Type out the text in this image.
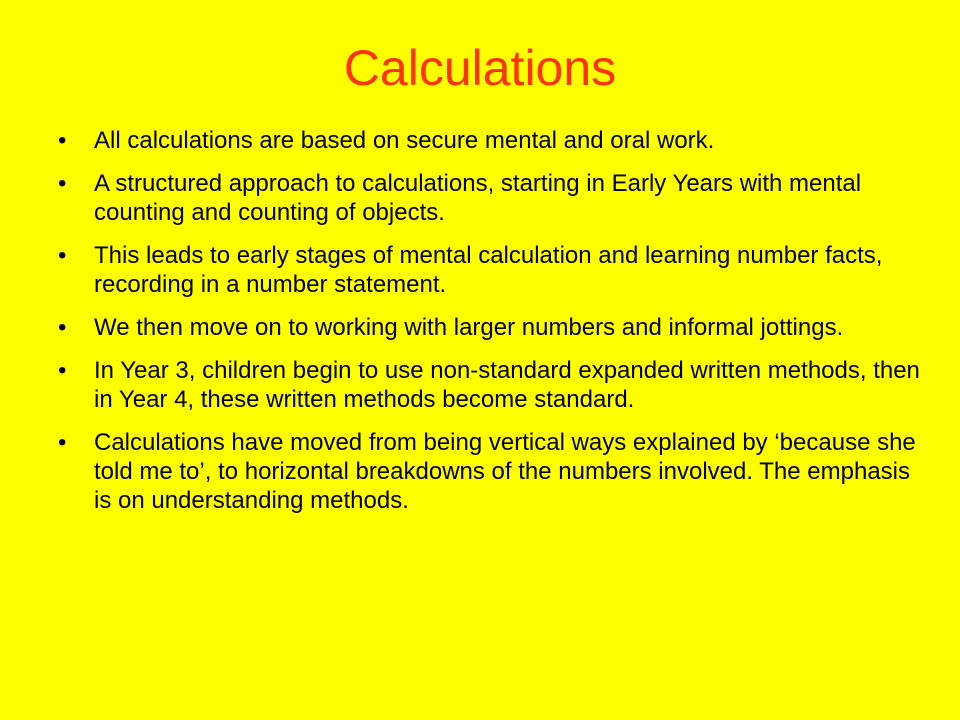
Calculations
•	All calculations are based on secure mental and oral work.
•	A structured approach to calculations, starting in Early Years with mental counting and counting of objects.
•	This leads to early stages of mental calculation and learning number facts, recording in a number statement.
•	We then move on to working with larger numbers and informal jottings.
•	In Year 3, children begin to use non-standard expanded written methods, then in Year 4, these written methods become standard.
•	Calculations have moved from being vertical ways explained by ‘because she told me to’, to horizontal breakdowns of the numbers involved. The emphasis is on understanding methods.
